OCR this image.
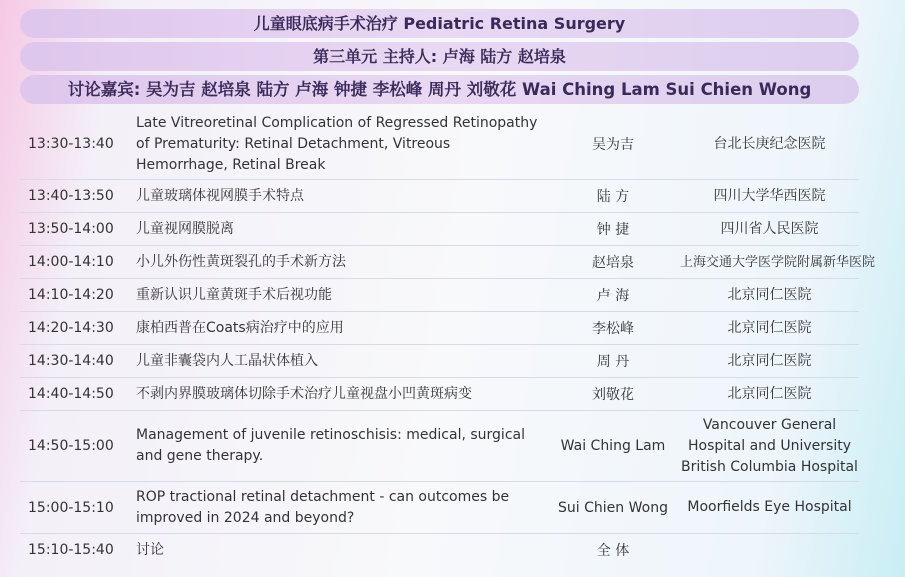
儿童眼底病手术治疗 Pediatric Retina Surgery
第三单元 主持人: 卢海 陆方 赵培泉
讨论嘉宾: 吴为吉 赵培泉 陆方 卢海 钟捷 李松峰 周丹 刘敬花 Wai Ching Lam Sui Chien Wong
13:30-13:40	Late Vitreoretinal Complication of Regressed Retinopathy of Prematurity: Retinal Detachment, Vitreous Hemorrhage, Retinal Break	吴为吉	台北长庚纪念医院
13:40-13:50	儿童玻璃体视网膜手术特点	陆 方	四川大学华西医院
13:50-14:00	儿童视网膜脱离	钟 捷	四川省人民医院
14:00-14:10	小儿外伤性黄斑裂孔的手术新方法	赵培泉	上海交通大学医学院附属新华医院
14:10-14:20	重新认识儿童黄斑手术后视功能	卢 海	北京同仁医院
14:20-14:30	康柏西普在Coats病治疗中的应用	李松峰	北京同仁医院
14:30-14:40	儿童非囊袋内人工晶状体植入	周 丹	北京同仁医院
14:40-14:50	不剥内界膜玻璃体切除手术治疗儿童视盘小凹黄斑病变	刘敬花	北京同仁医院
14:50-15:00	Management of juvenile retinoschisis: medical, surgical and gene therapy.	Wai Ching Lam	Vancouver General Hospital and University British Columbia Hospital
15:00-15:10	ROP tractional retinal detachment - can outcomes be improved in 2024 and beyond?	Sui Chien Wong	Moorfields Eye Hospital
15:10-15:40	讨论	全 体	
